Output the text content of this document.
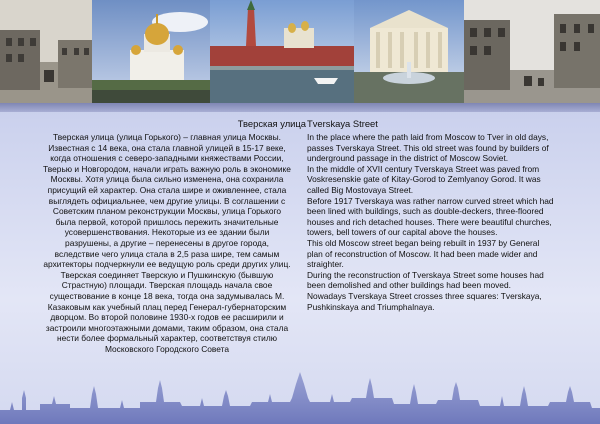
Тверская улица
Тверская улица (улица Горького) – главная улица Москвы.
Известная с 14 века, она стала главной улицей в 15-17 веке,
когда отношения с северо-западными княжествами России,
Тверью и Новгородом, начали играть важную роль в экономике
Москвы. Хотя улица была сильно изменена, она сохранила
присущий ей характер. Она стала шире и оживленнее, стала
выглядеть официальнее, чем другие улицы. В соглашении с
Советским планом реконструкции Москвы, улица Горького
была первой, которой пришлось пережить значительные
усовершенствования. Некоторые из ее здании были
разрушены, а другие – перенесены в другое города,
вследствие чего улица стала в 2,5 раза шире, тем самым
архитекторы подчеркнули ее ведущую роль среди других улиц.
Тверская соединяет Тверскую и Пушкинскую (бывшую
Страстную) площади. Тверская площадь начала свое
существование в конце 18 века, тогда она задумывалась М.
Казаковым как учебный плац перед Генерал-губернаторским
дворцом. Во второй половине 1930-х годов ее расширили и
застроили многоэтажными домами, таким образом, она стала
нести более формальный характер, соответствуя стилю
Московского Городского Совета
Tverskaya Street
In the place where the path laid from Moscow to Tver in old days,
passes Tverskaya Street. This old street was found by builders of
underground passage in the district of Moscow Soviet.
In the middle of XVII century Tverskaya Street was paved from
Voskresenskie gate of Kitay-Gorod to Zemlyanoy Gorod. It was
called Big Mostovaya Street.
Before 1917 Tverskaya was rather narrow curved street which had
been lined with buildings, such as double-deckers, three-floored
houses and rich detached houses. There were beautiful churches,
towers, bell towers of our capital above the houses.
This old Moscow street began being rebuilt in 1937 by General
plan of reconstruction of Moscow. It had been made wider and
straighter.
During the reconstruction of Tverskaya Street some houses had
been demolished and other buildings had been moved.
Nowadays Tverskaya Street crosses three squares: Tverskaya,
Pushkinskaya and Triumphalnaya.
